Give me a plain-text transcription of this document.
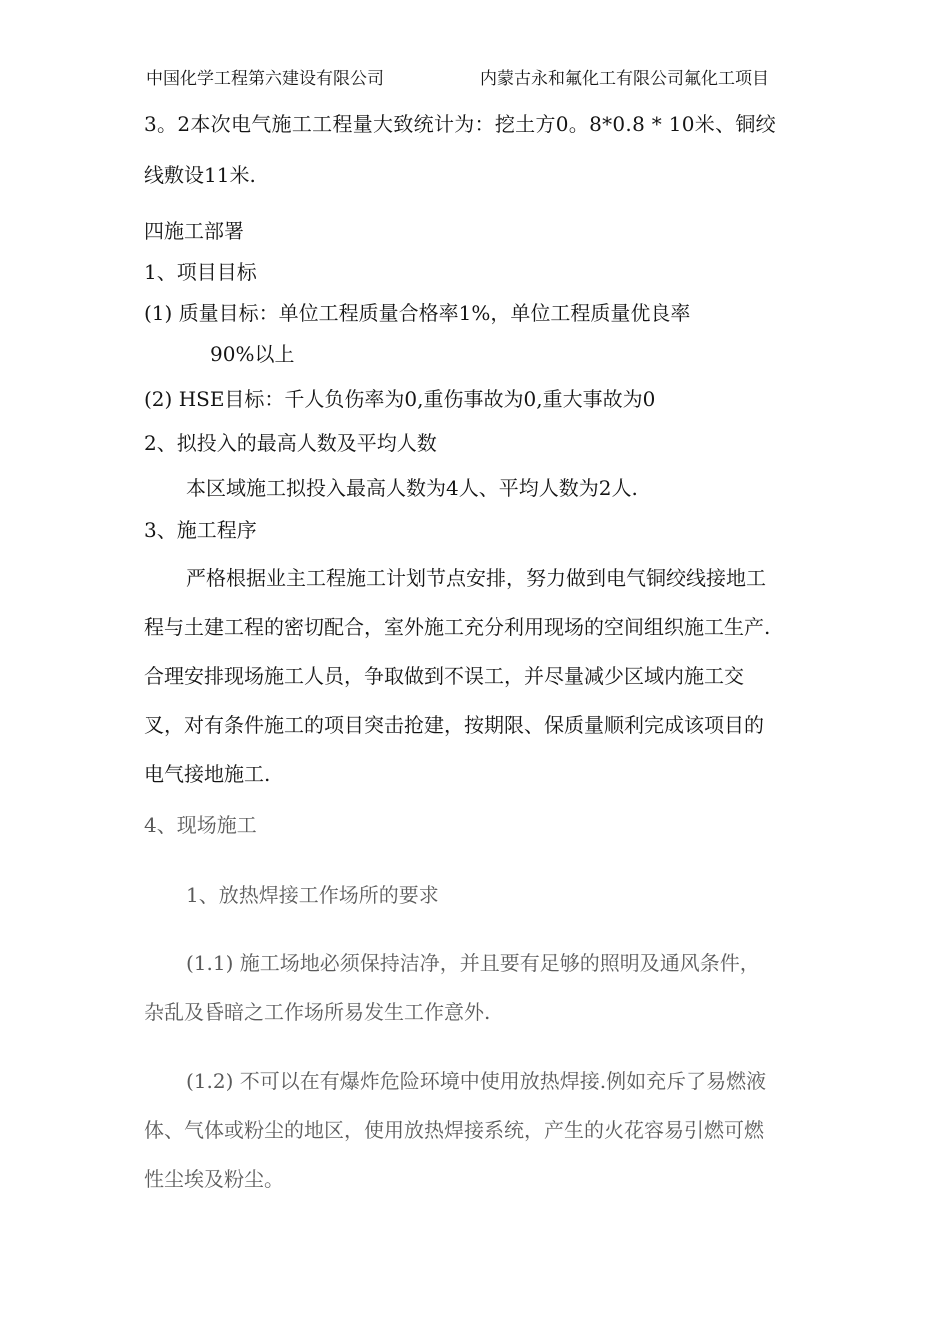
中国化学工程第六建设有限公司	内蒙古永和氟化工有限公司氟化工项目
3。2本次电气施工工程量大致统计为：挖土方0。8*0.8 * 10米、铜绞
线敷设11米.
四施工部署
1、项目目标
(1) 质量目标：单位工程质量合格率1%，单位工程质量优良率
90%以上
(2) HSE目标：千人负伤率为0,重伤事故为0,重大事故为0
2、拟投入的最高人数及平均人数
本区域施工拟投入最高人数为4人、平均人数为2人.
3、施工程序
严格根据业主工程施工计划节点安排，努力做到电气铜绞线接地工
程与土建工程的密切配合，室外施工充分利用现场的空间组织施工生产.
合理安排现场施工人员，争取做到不误工，并尽量减少区域内施工交
叉，对有条件施工的项目突击抢建，按期限、保质量顺利完成该项目的
电气接地施工.
4、现场施工
1、放热焊接工作场所的要求
(1.1) 施工场地必须保持洁净，并且要有足够的照明及通风条件，
杂乱及昏暗之工作场所易发生工作意外.
(1.2) 不可以在有爆炸危险环境中使用放热焊接.例如充斥了易燃液
体、气体或粉尘的地区，使用放热焊接系统，产生的火花容易引燃可燃
性尘埃及粉尘。
